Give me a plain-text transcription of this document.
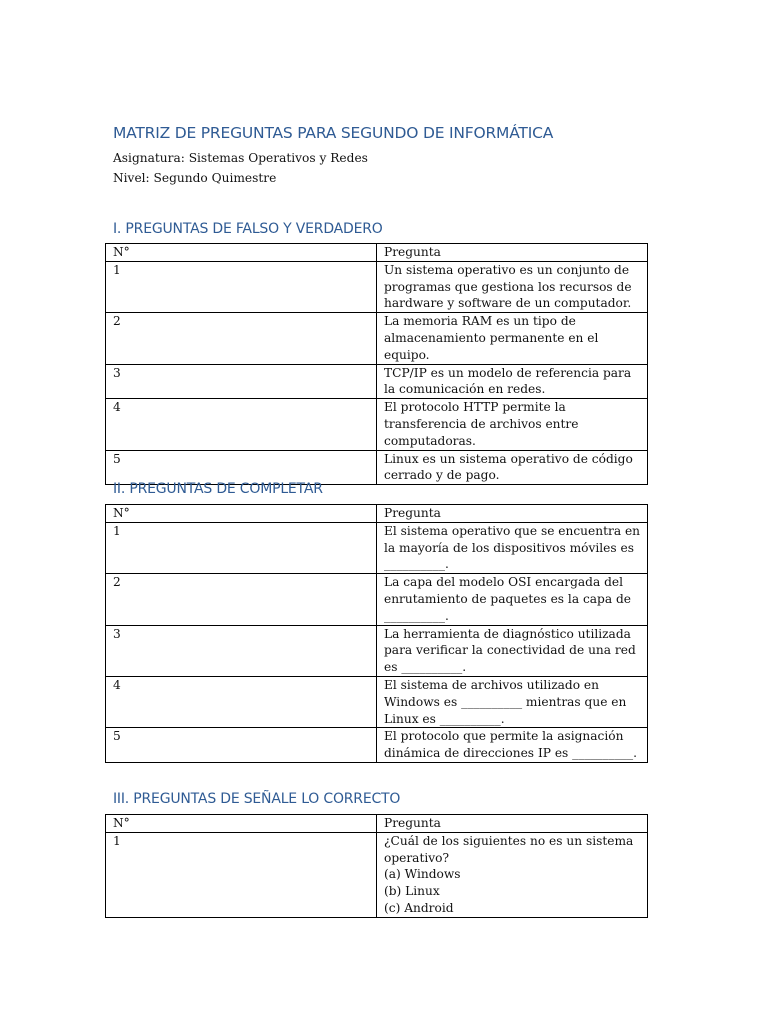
MATRIZ DE PREGUNTAS PARA SEGUNDO DE INFORMÁTICA
Asignatura: Sistemas Operativos y Redes
Nivel: Segundo Quimestre
I. PREGUNTAS DE FALSO Y VERDADERO
N°	Pregunta
1	Un sistema operativo es un conjunto de programas que gestiona los recursos de hardware y software de un computador.
2	La memoria RAM es un tipo de almacenamiento permanente en el equipo.
3	TCP/IP es un modelo de referencia para la comunicación en redes.
4	El protocolo HTTP permite la transferencia de archivos entre computadoras.
5	Linux es un sistema operativo de código cerrado y de pago.
II. PREGUNTAS DE COMPLETAR
N°	Pregunta
1	El sistema operativo que se encuentra en la mayoría de los dispositivos móviles es __________.
2	La capa del modelo OSI encargada del enrutamiento de paquetes es la capa de __________.
3	La herramienta de diagnóstico utilizada para verificar la conectividad de una red es __________.
4	El sistema de archivos utilizado en Windows es __________ mientras que en Linux es __________.
5	El protocolo que permite la asignación dinámica de direcciones IP es __________.
III. PREGUNTAS DE SEÑALE LO CORRECTO
N°	Pregunta
1	¿Cuál de los siguientes no es un sistema operativo?
(a) Windows
(b) Linux
(c) Android
